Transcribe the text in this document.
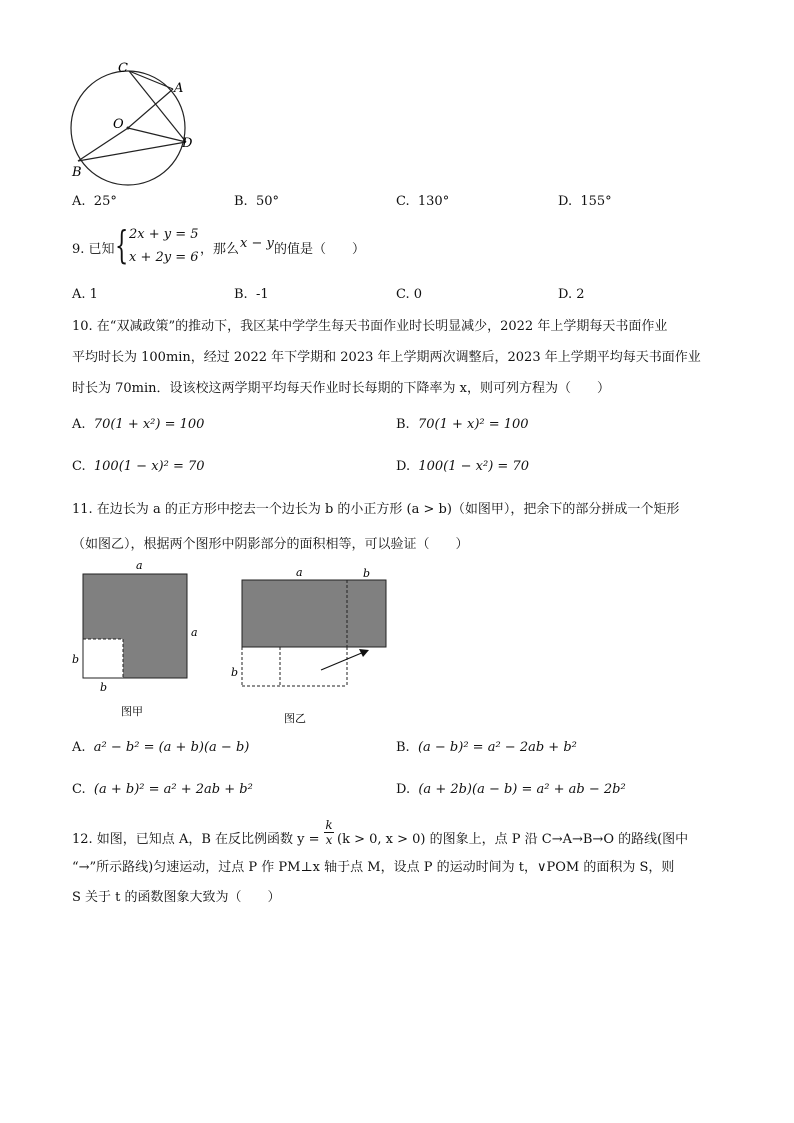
C
A
O
D
B
A. 25°	B. 50°	C. 130°	D. 155°
9. 已知 { 2x + y = 5
x + 2y = 6
，那么 x − y 的值是（　　）
A. 1	B. -1	C. 0	D. 2
10. 在“双减政策”的推动下，我区某中学学生每天书面作业时长明显减少，2022 年上学期每天书面作业
平均时长为 100min，经过 2022 年下学期和 2023 年上学期两次调整后，2023 年上学期平均每天书面作业
时长为 70min．设该校这两学期平均每天作业时长每期的下降率为 x，则可列方程为（　　）
A. 70(1 + x²) = 100	B. 70(1 + x)² = 100
C. 100(1 − x)² = 70	D. 100(1 − x²) = 70
11. 在边长为 a 的正方形中挖去一个边长为 b 的小正方形 (a > b)（如图甲），把余下的部分拼成一个矩形
（如图乙），根据两个图形中阴影部分的面积相等，可以验证（　　）
a
a
b
b
图甲
a	b
b
图乙
A. a² − b² = (a + b)(a − b)	B. (a − b)² = a² − 2ab + b²
C. (a + b)² = a² + 2ab + b²	D. (a + 2b)(a − b) = a² + ab − 2b²
12. 如图，已知点 A，B 在反比例函数 $y = \frac{k}{x} (k > 0$, x > 0) 的图象上，点 P 沿 C→A→B→O 的路线(图中
“→”所示路线)匀速运动，过点 P 作 PM⊥x 轴于点 M，设点 P 的运动时间为 t，∨POM 的面积为 S，则
S 关于 t 的函数图象大致为（　　）
